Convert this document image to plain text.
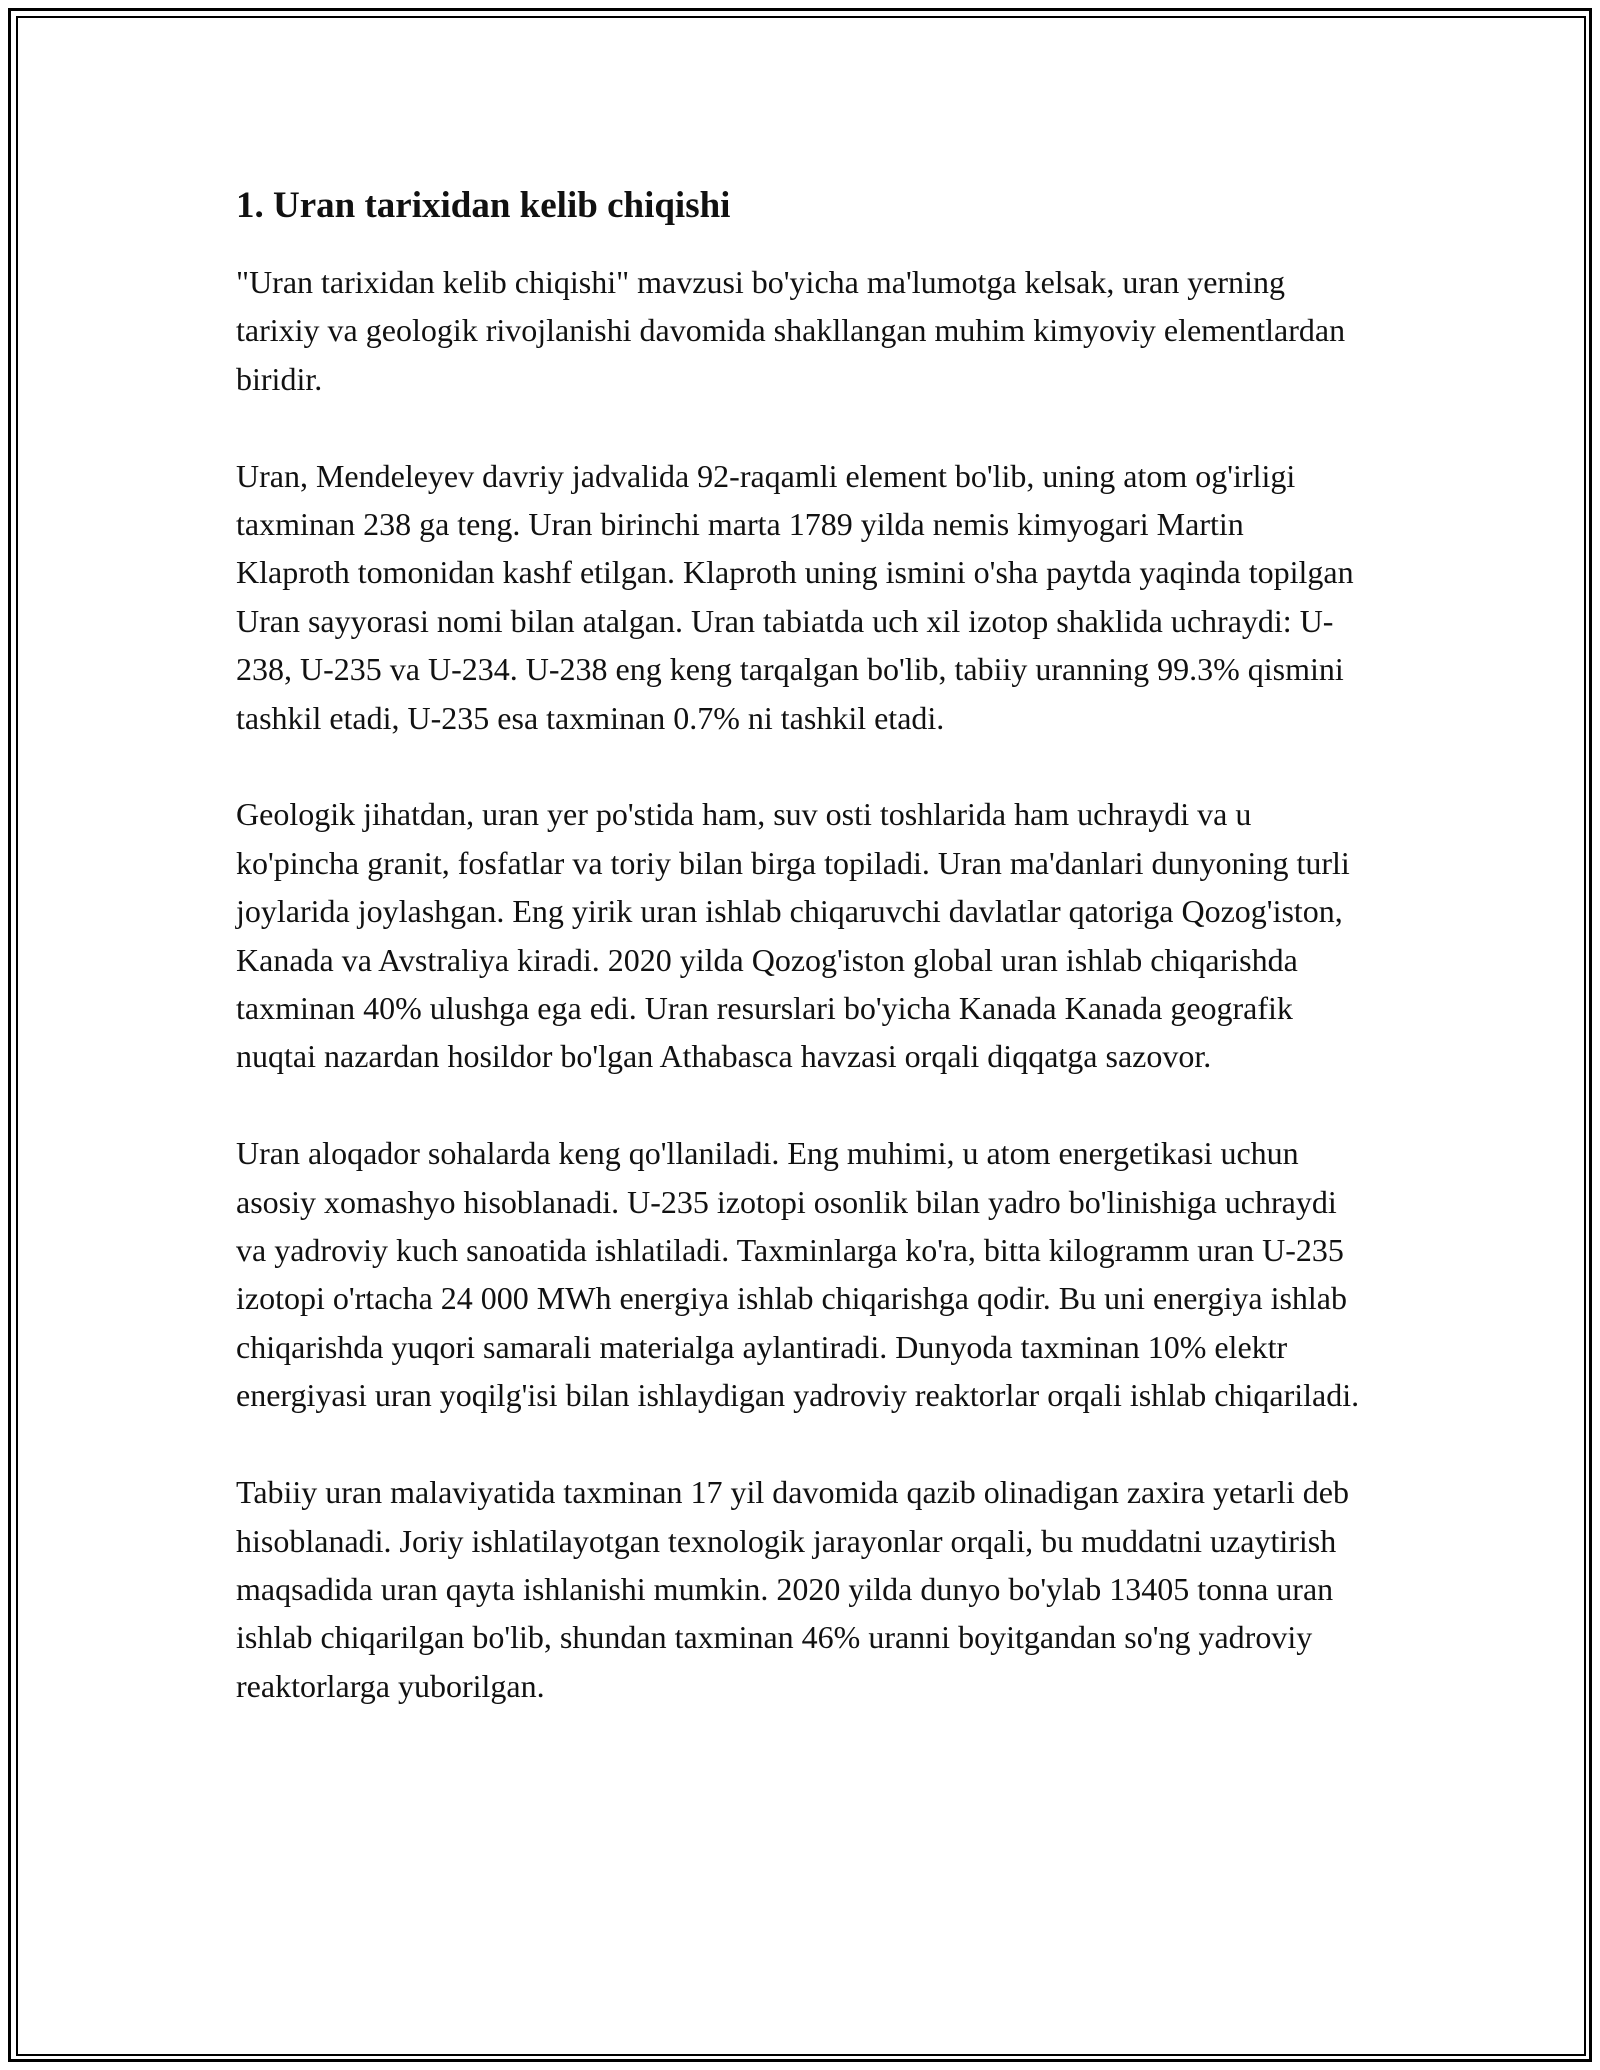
1. Uran tarixidan kelib chiqishi

"Uran tarixidan kelib chiqishi" mavzusi bo'yicha ma'lumotga kelsak, uran yerning tarixiy va geologik rivojlanishi davomida shakllangan muhim kimyoviy elementlardan biridir.

Uran, Mendeleyev davriy jadvalida 92-raqamli element bo'lib, uning atom og'irligi taxminan 238 ga teng. Uran birinchi marta 1789 yilda nemis kimyogari Martin Klaproth tomonidan kashf etilgan. Klaproth uning ismini o'sha paytda yaqinda topilgan Uran sayyorasi nomi bilan atalgan. Uran tabiatda uch xil izotop shaklida uchraydi: U-238, U-235 va U-234. U-238 eng keng tarqalgan bo'lib, tabiiy uranning 99.3% qismini tashkil etadi, U-235 esa taxminan 0.7% ni tashkil etadi.

Geologik jihatdan, uran yer po'stida ham, suv osti toshlarida ham uchraydi va u ko'pincha granit, fosfatlar va toriy bilan birga topiladi. Uran ma'danlari dunyoning turli joylarida joylashgan. Eng yirik uran ishlab chiqaruvchi davlatlar qatoriga Qozog'iston, Kanada va Avstraliya kiradi. 2020 yilda Qozog'iston global uran ishlab chiqarishda taxminan 40% ulushga ega edi. Uran resurslari bo'yicha Kanada Kanada geografik nuqtai nazardan hosildor bo'lgan Athabasca havzasi orqali diqqatga sazovor.

Uran aloqador sohalarda keng qo'llaniladi. Eng muhimi, u atom energetikasi uchun asosiy xomashyo hisoblanadi. U-235 izotopi osonlik bilan yadro bo'linishiga uchraydi va yadroviy kuch sanoatida ishlatiladi. Taxminlarga ko'ra, bitta kilogramm uran U-235 izotopi o'rtacha 24 000 MWh energiya ishlab chiqarishga qodir. Bu uni energiya ishlab chiqarishda yuqori samarali materialga aylantiradi. Dunyoda taxminan 10% elektr energiyasi uran yoqilg'isi bilan ishlaydigan yadroviy reaktorlar orqali ishlab chiqariladi.

Tabiiy uran malaviyatida taxminan 17 yil davomida qazib olinadigan zaxira yetarli deb hisoblanadi. Joriy ishlatilayotgan texnologik jarayonlar orqali, bu muddatni uzaytirish maqsadida uran qayta ishlanishi mumkin. 2020 yilda dunyo bo'ylab 13405 tonna uran ishlab chiqarilgan bo'lib, shundan taxminan 46% uranni boyitgandan so'ng yadroviy reaktorlarga yuborilgan.
